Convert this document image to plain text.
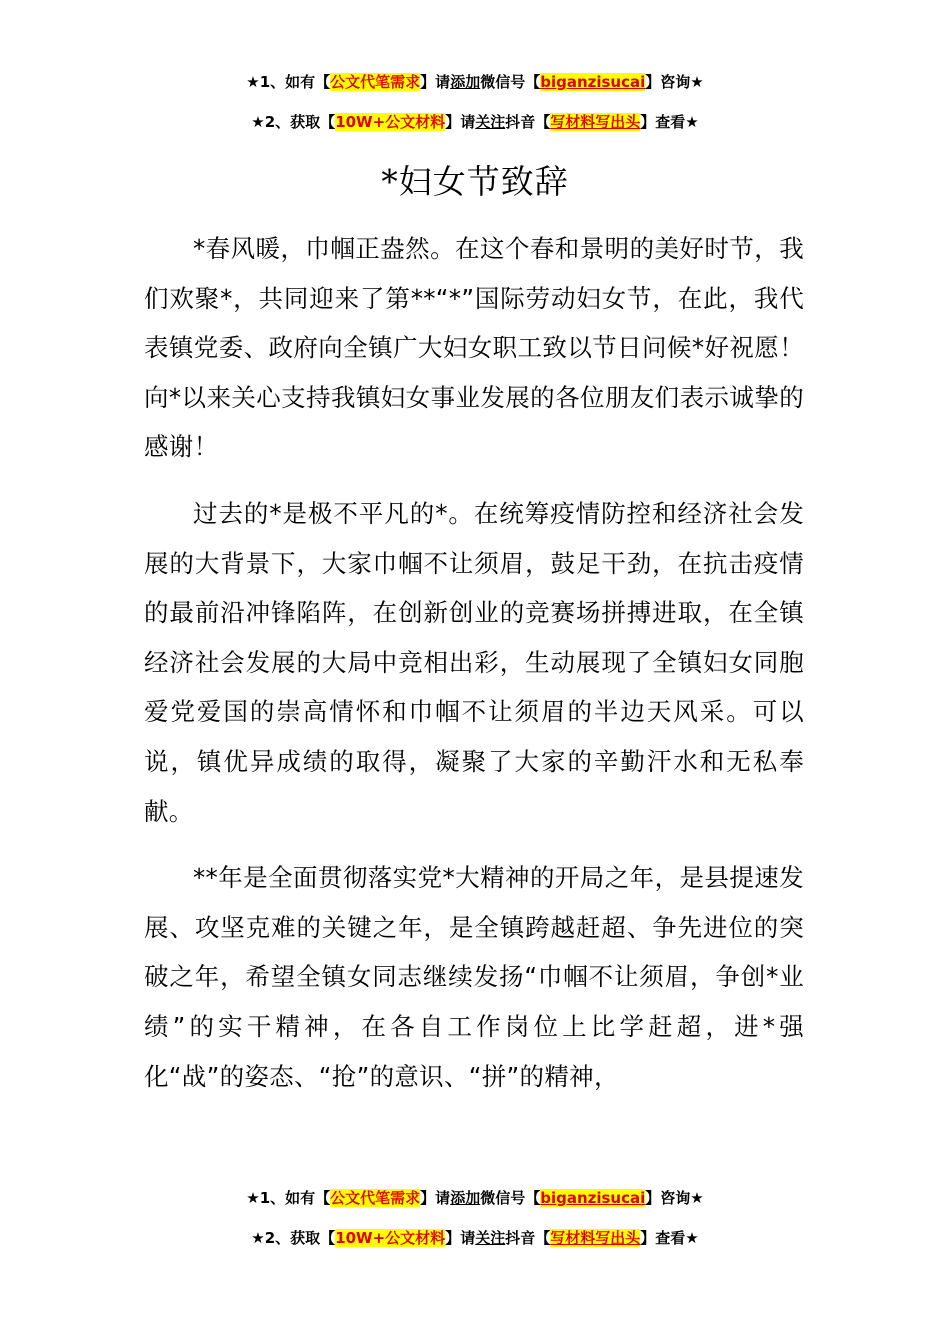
★1、如有【公文代笔需求】请添加微信号【biganzisucai】咨询★
★2、获取【10W+公文材料】请关注抖音【写材料写出头】查看★
*妇女节致辞

*春风暖，巾帼正盎然。在这个春和景明的美好时节，我们欢聚*，共同迎来了第**“*”国际劳动妇女节，在此，我代表镇党委、政府向全镇广大妇女职工致以节日问候*好祝愿！向*以来关心支持我镇妇女事业发展的各位朋友们表示诚挚的感谢！

过去的*是极不平凡的*。在统筹疫情防控和经济社会发展的大背景下，大家巾帼不让须眉，鼓足干劲，在抗击疫情的最前沿冲锋陷阵，在创新创业的竞赛场拼搏进取，在全镇经济社会发展的大局中竞相出彩，生动展现了全镇妇女同胞爱党爱国的崇高情怀和巾帼不让须眉的半边天风采。可以说，镇优异成绩的取得，凝聚了大家的辛勤汗水和无私奉献。

**年是全面贯彻落实党*大精神的开局之年，是县提速发展、攻坚克难的关键之年，是全镇跨越赶超、争先进位的突破之年，希望全镇女同志继续发扬“巾帼不让须眉，争创*业绩”的实干精神，在各自工作岗位上比学赶超，进*强化“战”的姿态、“抢”的意识、“拼”的精神，

★1、如有【公文代笔需求】请添加微信号【biganzisucai】咨询★
★2、获取【10W+公文材料】请关注抖音【写材料写出头】查看★
